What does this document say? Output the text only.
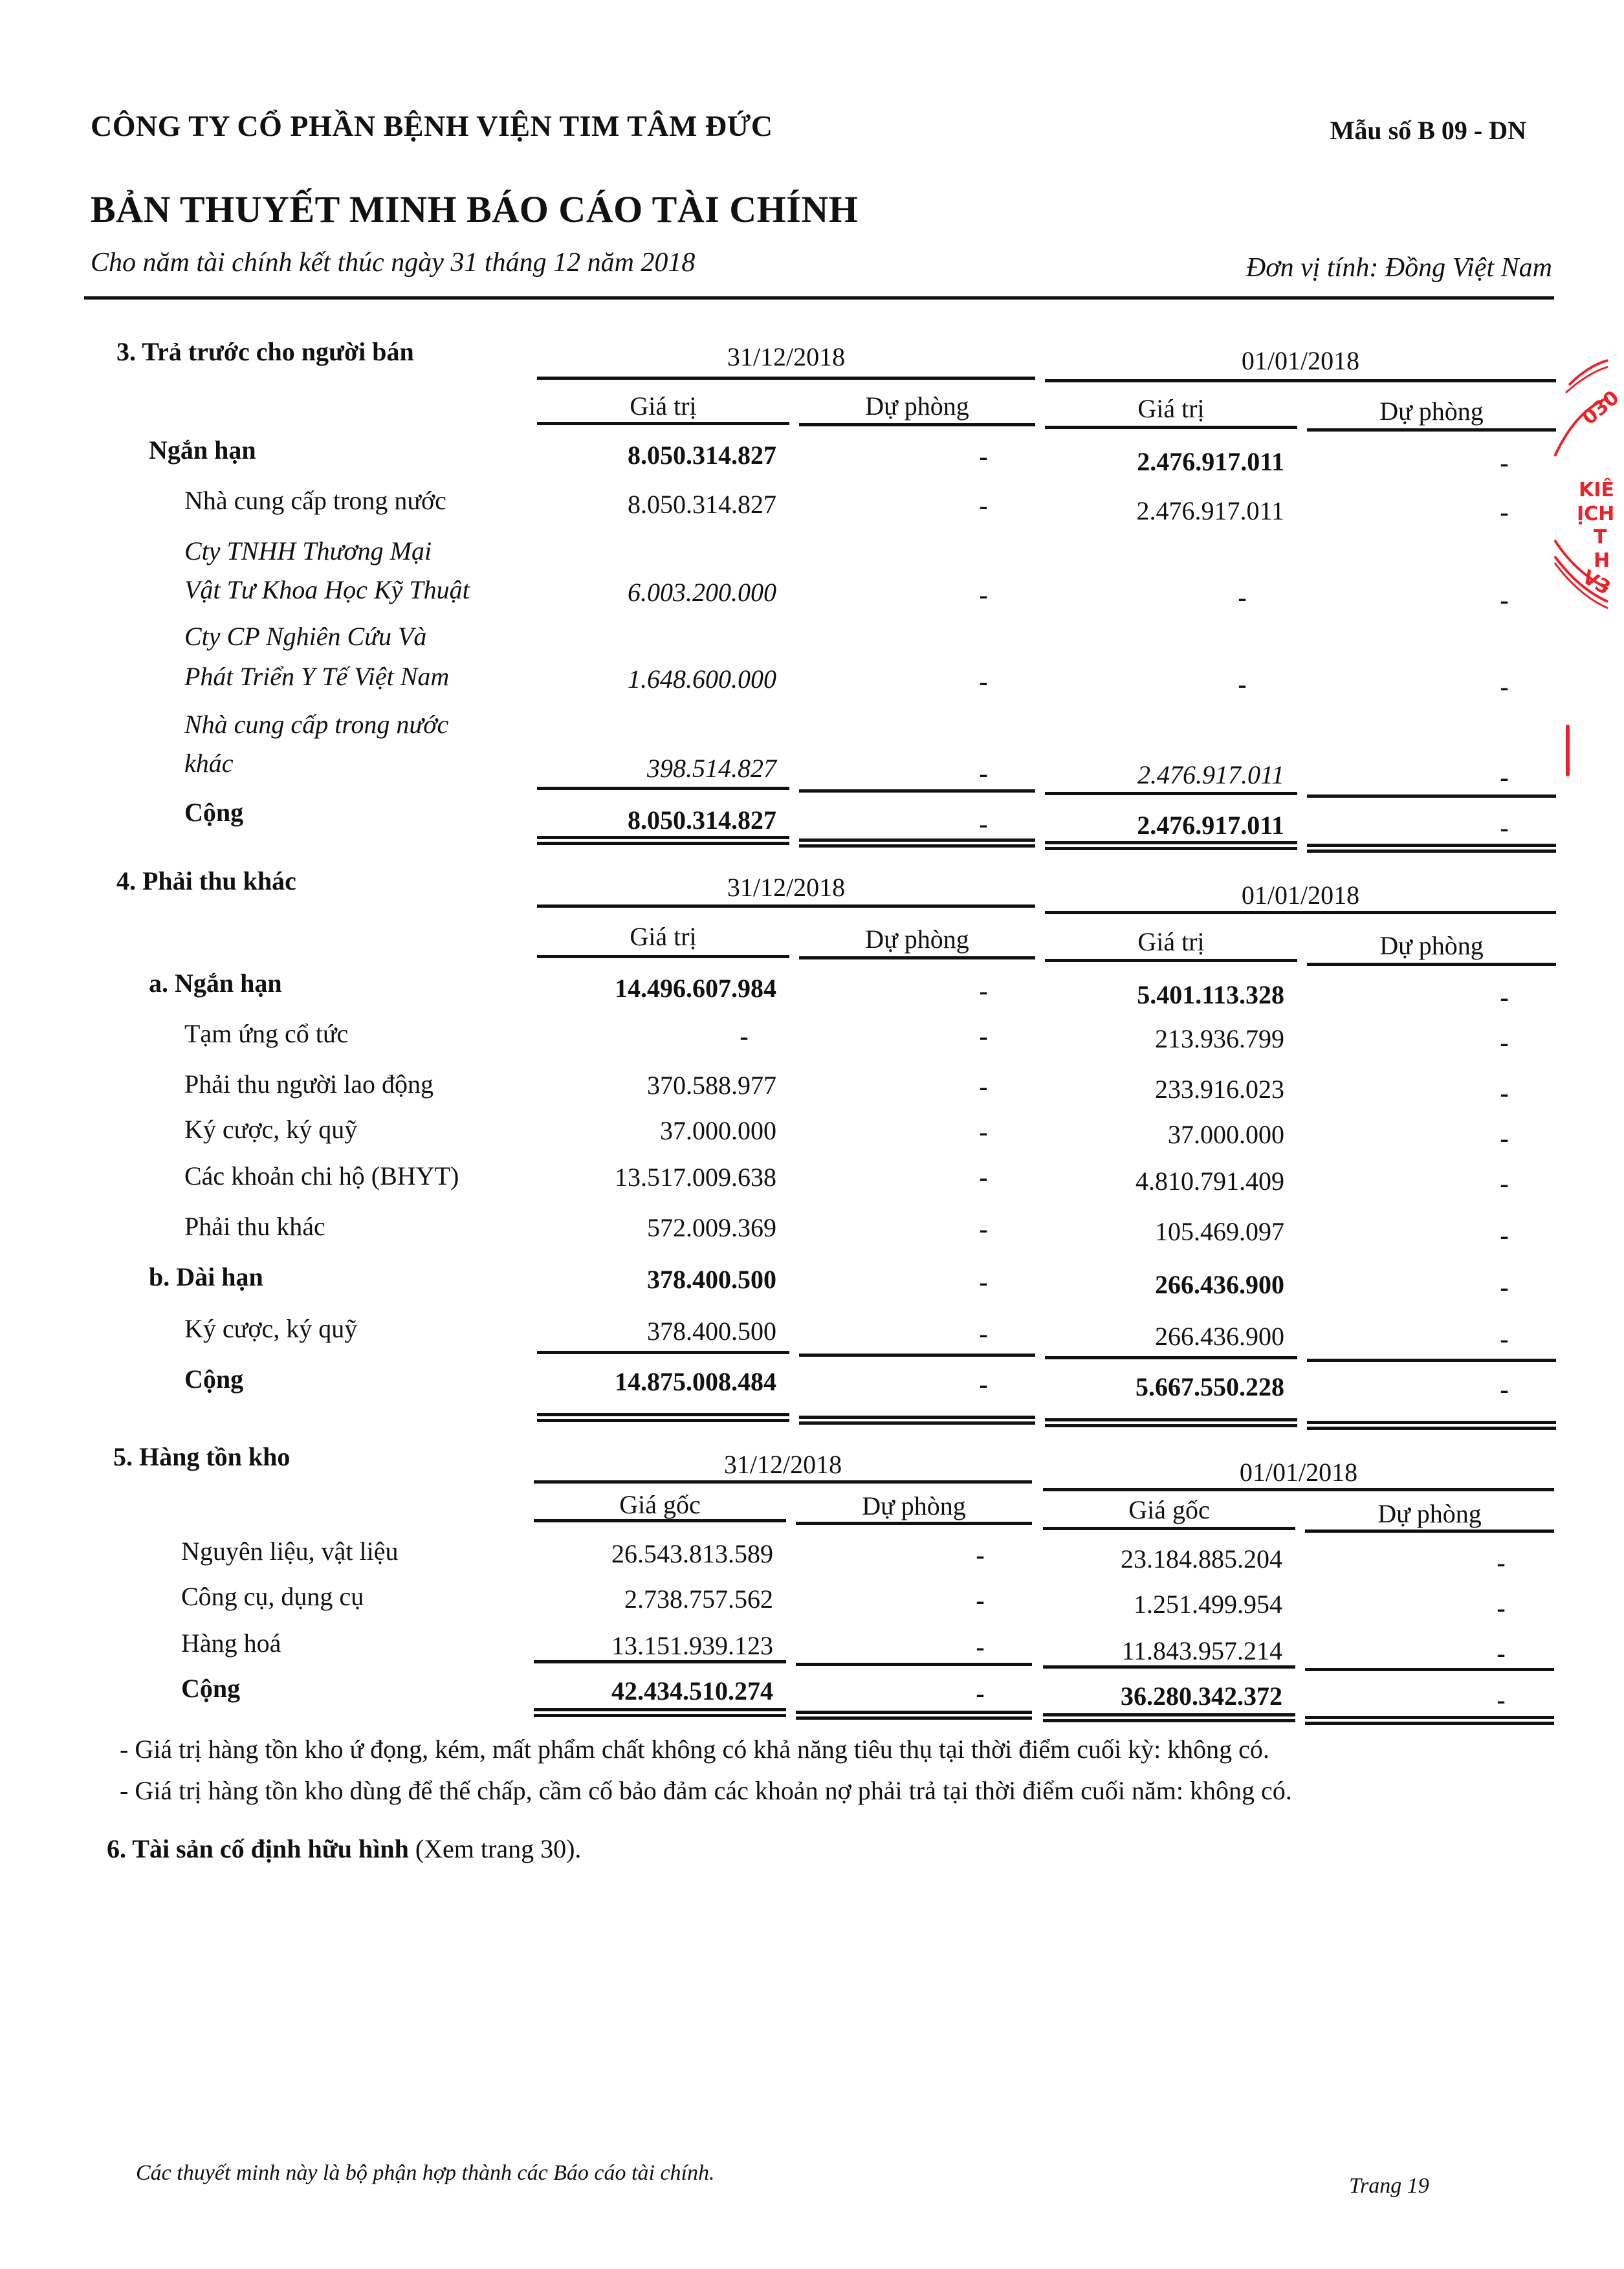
CÔNG TY CỔ PHẦN BỆNH VIỆN TIM TÂM ĐỨC	Mẫu số B 09 - DN
BẢN THUYẾT MINH BÁO CÁO TÀI CHÍNH
Cho năm tài chính kết thúc ngày 31 tháng 12 năm 2018	Đơn vị tính: Đồng Việt Nam
3. Trả trước cho người bán	31/12/2018	01/01/2018
Giá trị	Dự phòng	Giá trị	Dự phòng
Ngắn hạn	8.050.314.827	-	2.476.917.011	-
Nhà cung cấp trong nước	8.050.314.827	-	2.476.917.011	-
Cty TNHH Thương Mại
Vật Tư Khoa Học Kỹ Thuật	6.003.200.000	-	-	-
Cty CP Nghiên Cứu Và
Phát Triển Y Tế Việt Nam	1.648.600.000	-	-	-
Nhà cung cấp trong nước
khác	398.514.827	-	2.476.917.011	-
Cộng	8.050.314.827	-	2.476.917.011	-
4. Phải thu khác	31/12/2018	01/01/2018
Giá trị	Dự phòng	Giá trị	Dự phòng
a. Ngắn hạn	14.496.607.984	-	5.401.113.328	-
Tạm ứng cổ tức	-	-	213.936.799	-
Phải thu người lao động	370.588.977	-	233.916.023	-
Ký cược, ký quỹ	37.000.000	-	37.000.000	-
Các khoản chi hộ (BHYT)	13.517.009.638	-	4.810.791.409	-
Phải thu khác	572.009.369	-	105.469.097	-
b. Dài hạn	378.400.500	-	266.436.900	-
Ký cược, ký quỹ	378.400.500	-	266.436.900	-
Cộng	14.875.008.484	-	5.667.550.228	-
5. Hàng tồn kho	31/12/2018	01/01/2018
Giá gốc	Dự phòng	Giá gốc	Dự phòng
Nguyên liệu, vật liệu	26.543.813.589	-	23.184.885.204	-
Công cụ, dụng cụ	2.738.757.562	-	1.251.499.954	-
Hàng hoá	13.151.939.123	-	11.843.957.214	-
Cộng	42.434.510.274	-	36.280.342.372	-
- Giá trị hàng tồn kho ứ đọng, kém, mất phẩm chất không có khả năng tiêu thụ tại thời điểm cuối kỳ: không có.
- Giá trị hàng tồn kho dùng để thế chấp, cầm cố bảo đảm các khoản nợ phải trả tại thời điểm cuối năm: không có.
6. Tài sản cố định hữu hình (Xem trang 30).
Các thuyết minh này là bộ phận hợp thành các Báo cáo tài chính.
Trang 19
030
KIÊ
ỊCH
T
H
V3
